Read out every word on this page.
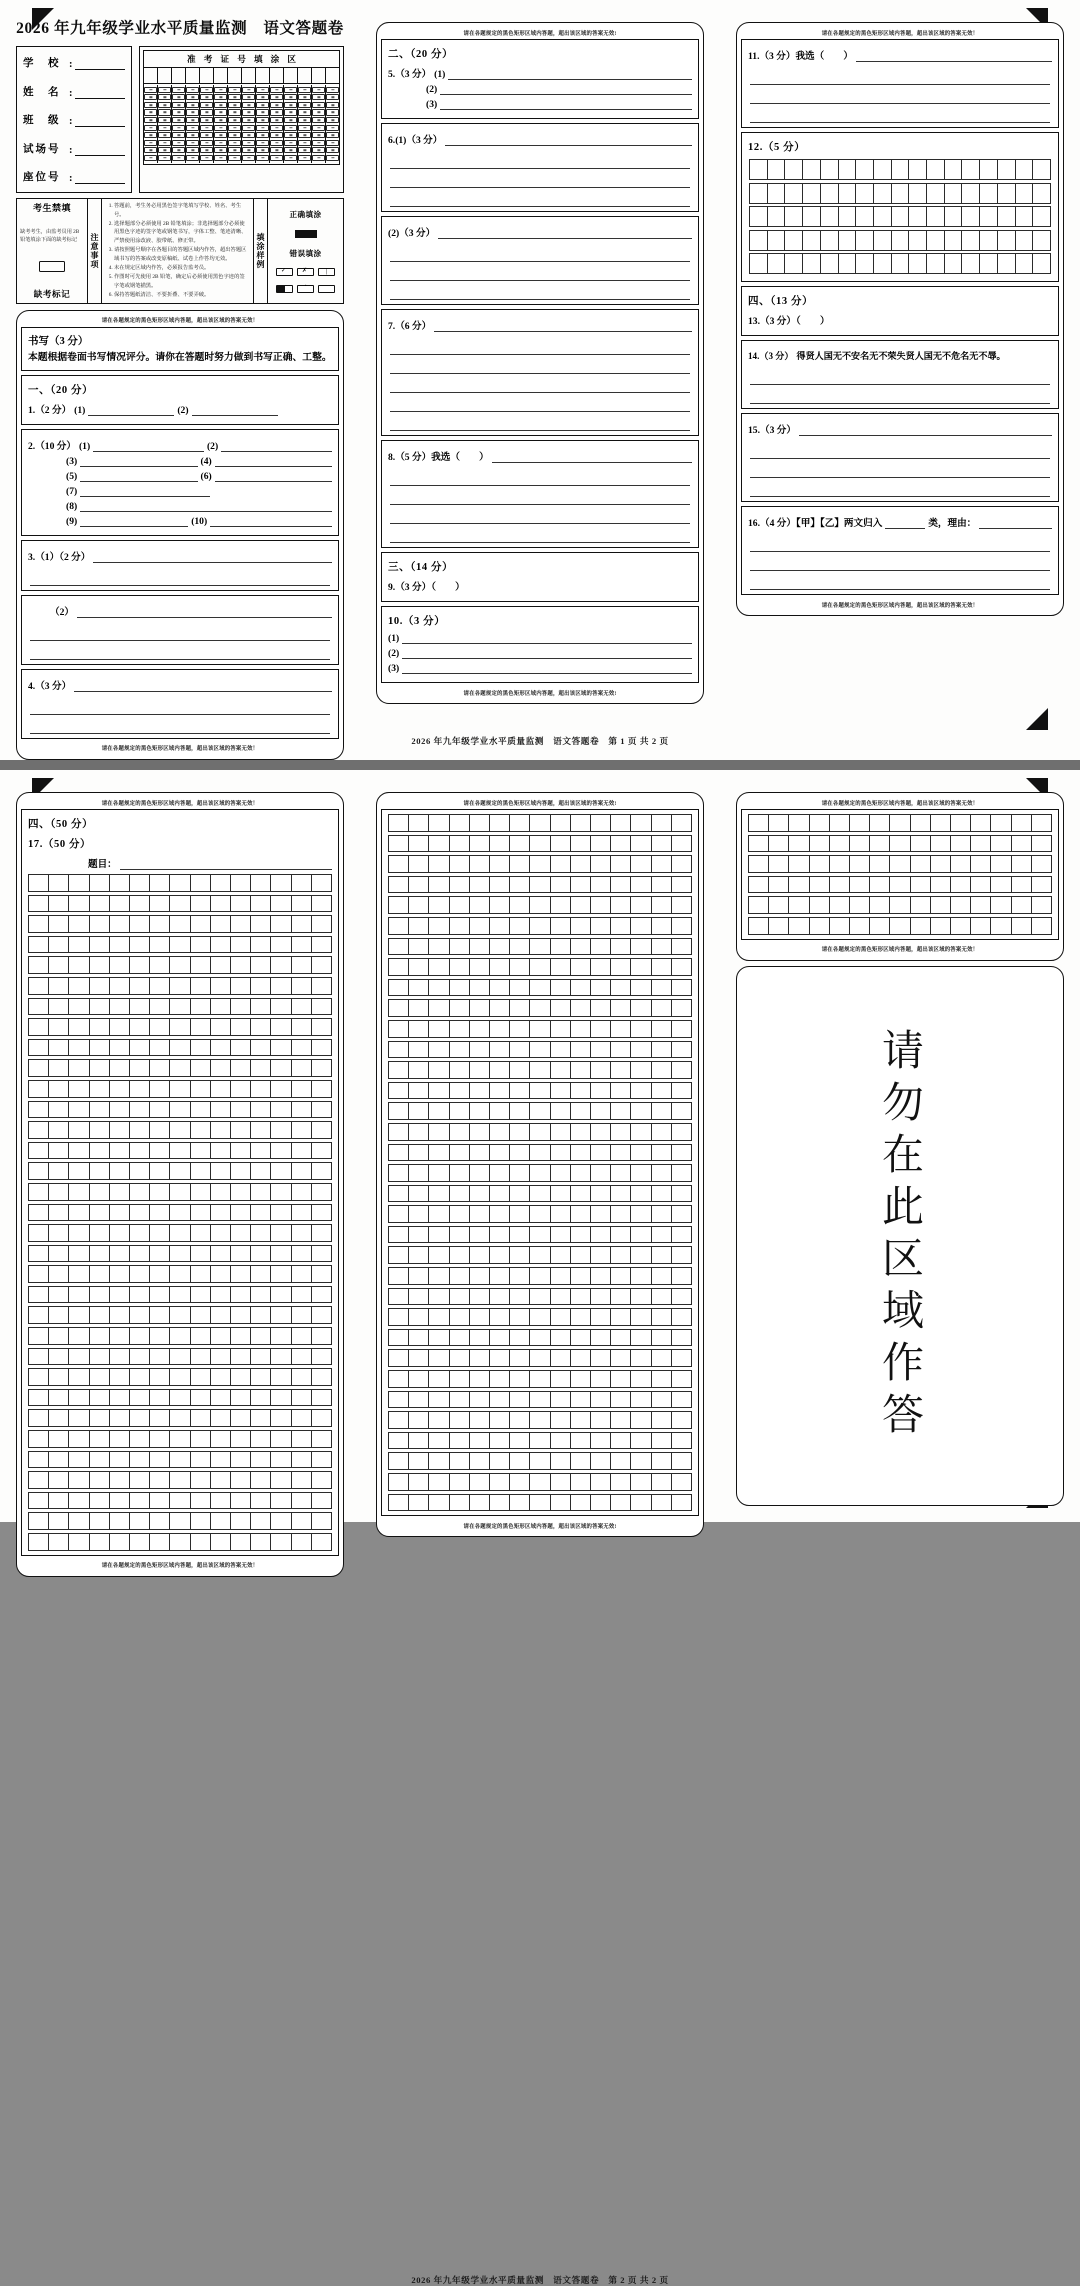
2026 年九年级学业水平质量监测　语文答题卷
学　校 :
姓　名 :
班　级 :
试场号 :
座位号 :
准 考 证 号 填 涂 区
考生禁填
缺考考生，由监考员用 2B 铅笔填涂下面的缺考标记
缺考标记
注
意
事
项
1. 答题前，考生务必用黑色签字笔填写学校、姓名、考生号。
2. 选择题部分必须使用 2B 铅笔填涂；非选择题部分必须使用黑色字迹的签字笔或钢笔书写，字体工整、笔迹清晰、严禁使用涂改液、胶带纸、修正带。
3. 请按照题号顺序在各题目的答题区域内作答，超出答题区域书写的答案或改变原稿纸、试卷上作答均无效。
4. 未在规定区域内作答，必须报告监考员。
5. 作图时可先使用 2B 铅笔，确定后必须使用黑色字迹的签字笔或钢笔描黑。
6. 保持答题纸清洁、不要折叠、不要弄破。
填
涂
样
例
正确填涂
错误填涂
✓
✗
|
·
请在各题规定的黑色矩形区域内答题，超出该区域的答案无效！
书写（3 分）
本题根据卷面书写情况评分。请你在答题时努力做到书写正确、工整。
一、（20 分）
1.（2 分） (1)	(2)
2.（10 分） (1)	(2)
(3)	(4)
(5)	(6)
(7)
(8)
(9)	(10)
3.（1）（2 分）
（2）
4.（3 分）
请在各题规定的黑色矩形区域内答题，超出该区域的答案无效！
请在各题规定的黑色矩形区域内答题，超出该区域的答案无效!
二、（20 分）
5.（3 分） (1)
(2)
(3)
6.(1)（3 分）
(2)（3 分）
7.（6 分）
8.（5 分）我选（　　）
三、（14 分）
9.（3 分）（　　）
10.（3 分）
(1)
(2)
(3)
请在各题规定的黑色矩形区域内答题，超出该区域的答案无效!
请在各题规定的黑色矩形区域内答题，超出该区域的答案无效！
11.（3 分）我选（　　）
12.（5 分）
四、（13 分）
13.（3 分）（　　）
14.（3 分） 得贤人国无不安名无不荣失贤人国无不危名无不辱。
15.（3 分）
16.（4 分）【甲】【乙】两文归入	类，理由：
请在各题规定的黑色矩形区域内答题，超出该区域的答案无效！
2026 年九年级学业水平质量监测　语文答题卷　第 1 页 共 2 页
请在各题规定的黑色矩形区域内答题，超出该区域的答案无效！
四、（50 分）
17.（50 分）
题目：
请在各题规定的黑色矩形区域内答题，超出该区域的答案无效！
请在各题规定的黑色矩形区域内答题，超出该区域的答案无效!
请在各题规定的黑色矩形区域内答题，超出该区域的答案无效!
请在各题规定的黑色矩形区域内答题，超出该区域的答案无效！
请在各题规定的黑色矩形区域内答题，超出该区域的答案无效！
请勿在此区域作答
2026 年九年级学业水平质量监测　语文答题卷　第 2 页 共 2 页
